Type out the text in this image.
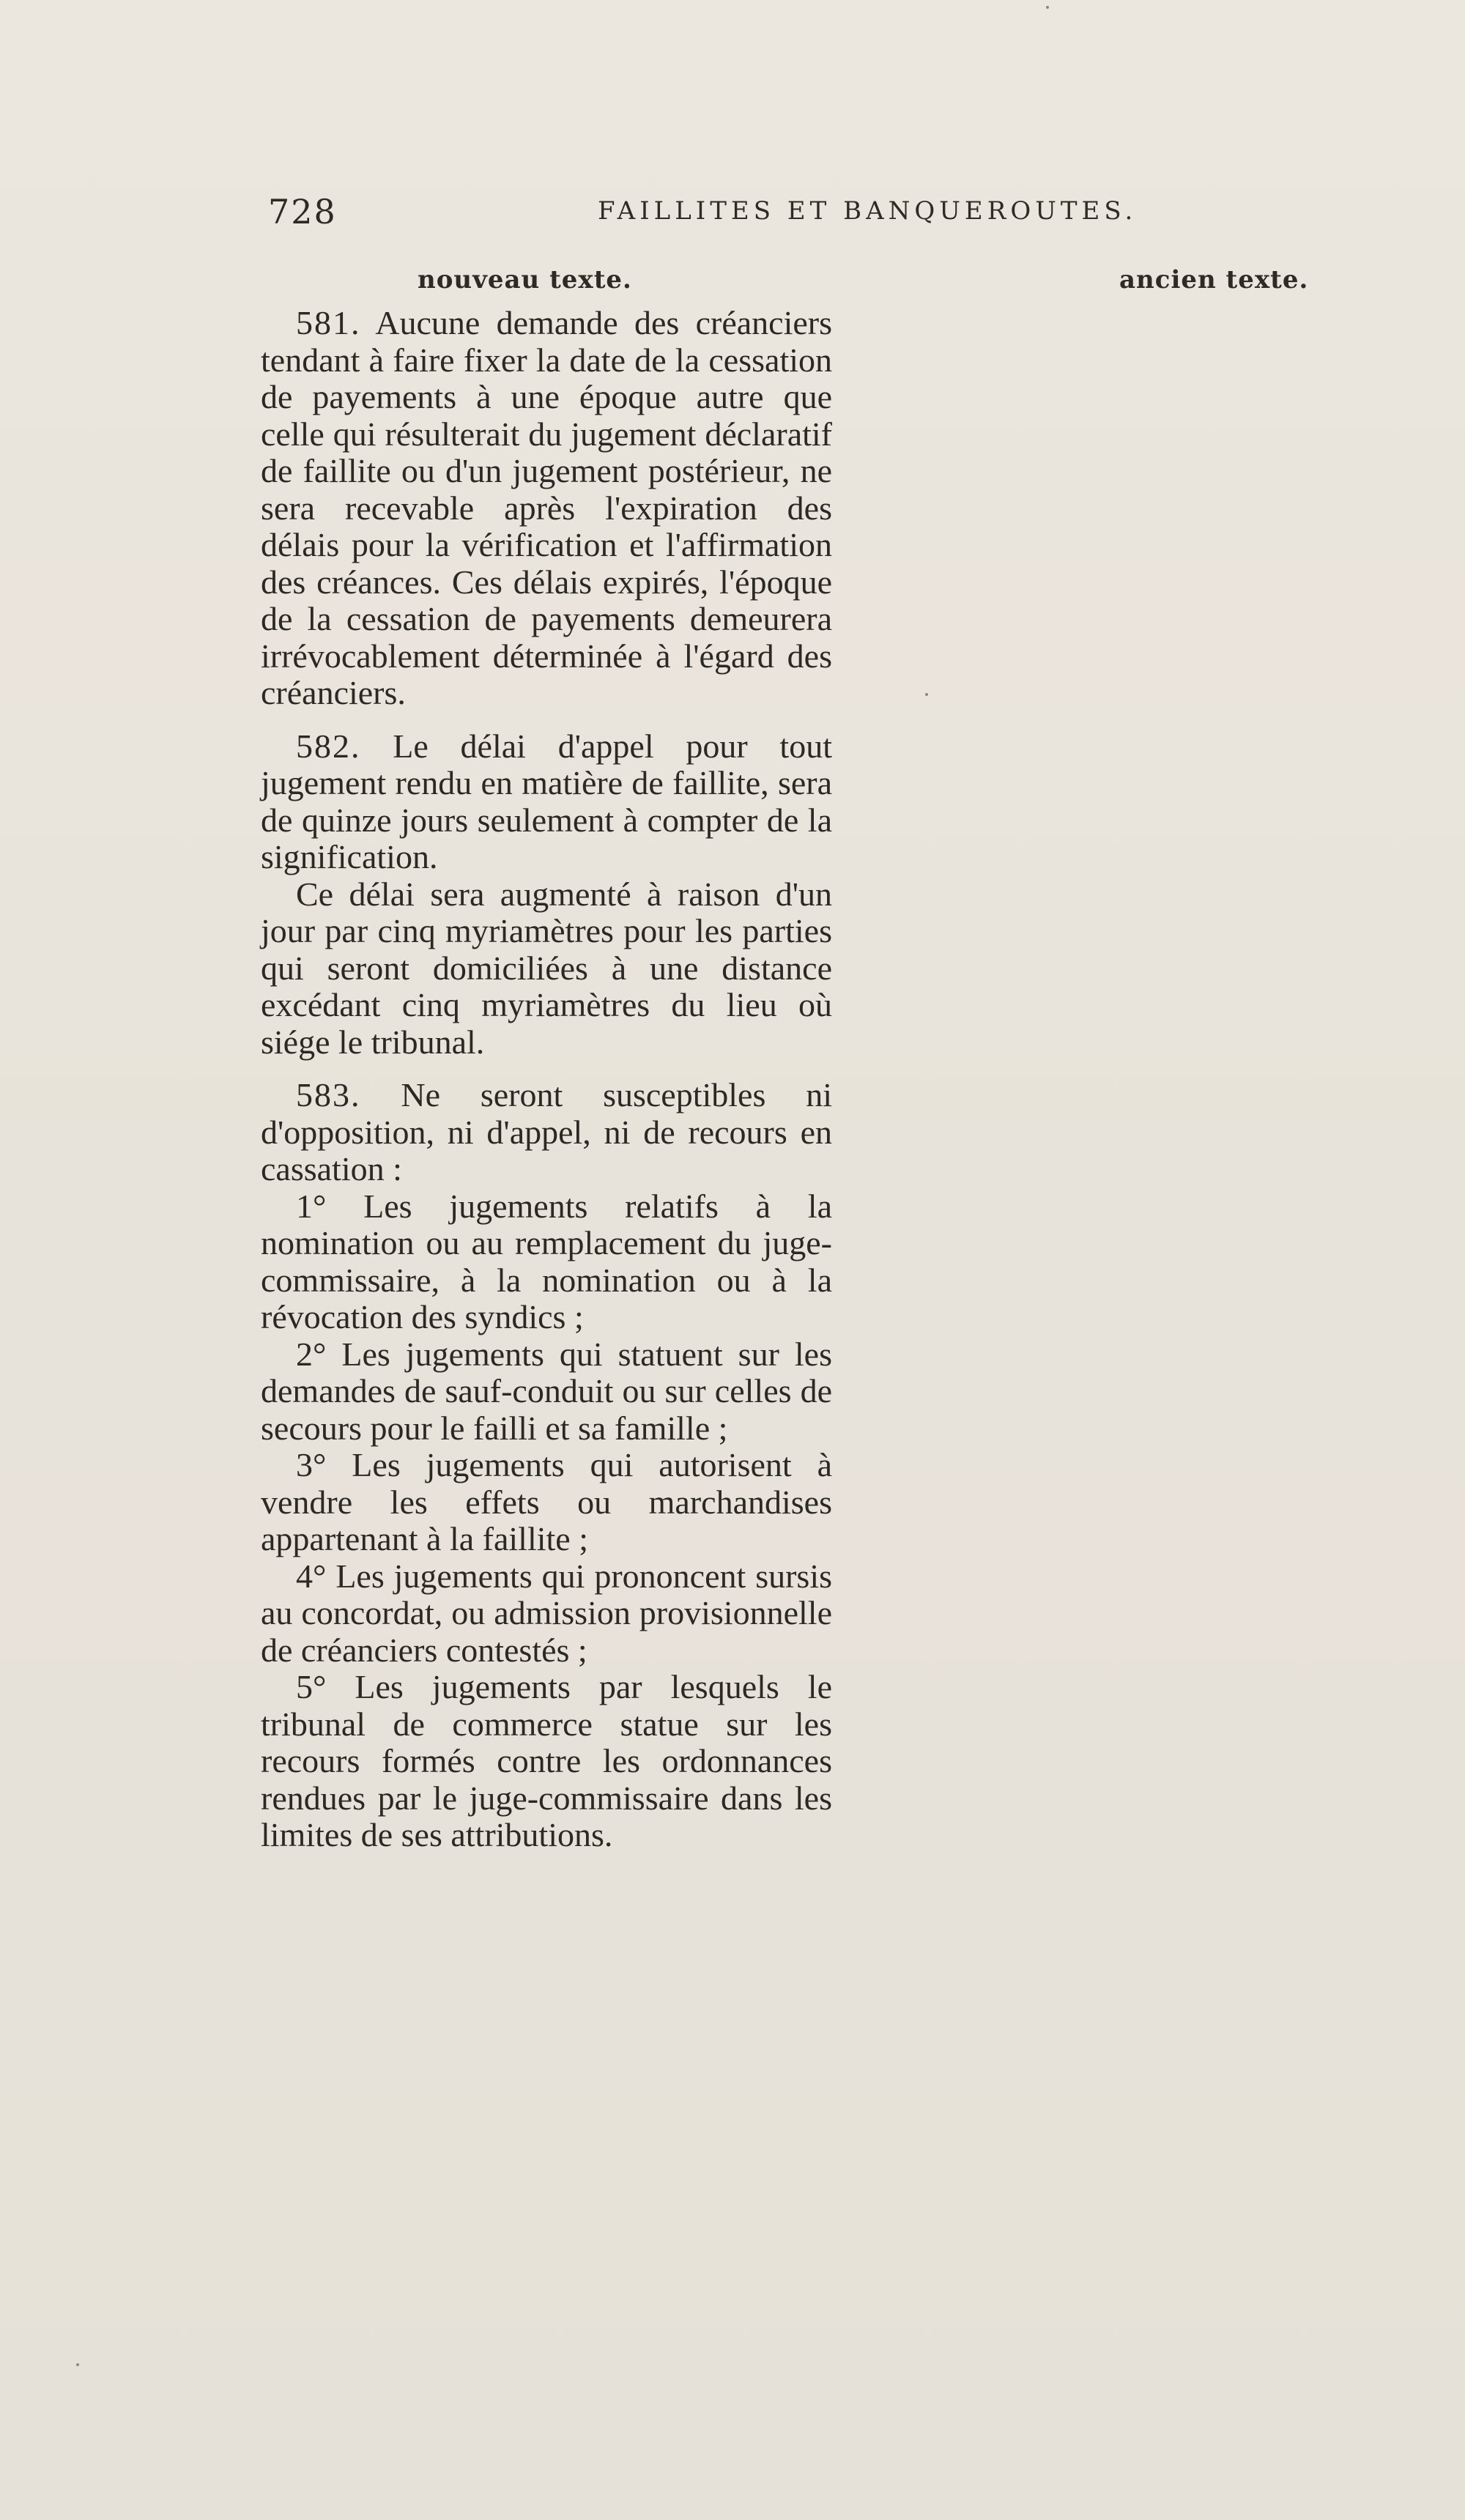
728	FAILLITES ET BANQUEROUTES.
nouveau texte.	ancien texte.

581. Aucune demande des créanciers tendant à faire fixer la date de la cessation de payements à une époque autre que celle qui résulterait du jugement déclaratif de faillite ou d'un jugement postérieur, ne sera recevable après l'expiration des délais pour la vérification et l'affirmation des créances. Ces délais expirés, l'époque de la cessation de payements demeurera irrévocablement déterminée à l'égard des créanciers.

582. Le délai d'appel pour tout jugement rendu en matière de faillite, sera de quinze jours seulement à compter de la signification.

Ce délai sera augmenté à raison d'un jour par cinq myriamètres pour les parties qui seront domiciliées à une distance excédant cinq myriamètres du lieu où siége le tribunal.

583. Ne seront susceptibles ni d'opposition, ni d'appel, ni de recours en cassation :

1° Les jugements relatifs à la nomination ou au remplacement du juge-commissaire, à la nomination ou à la révocation des syndics ;

2° Les jugements qui statuent sur les demandes de sauf-conduit ou sur celles de secours pour le failli et sa famille ;

3° Les jugements qui autorisent à vendre les effets ou marchandises appartenant à la faillite ;

4° Les jugements qui prononcent sursis au concordat, ou admission provisionnelle de créanciers contestés ;

5° Les jugements par lesquels le tribunal de commerce statue sur les recours formés contre les ordonnances rendues par le juge-commissaire dans les limites de ses attributions.
